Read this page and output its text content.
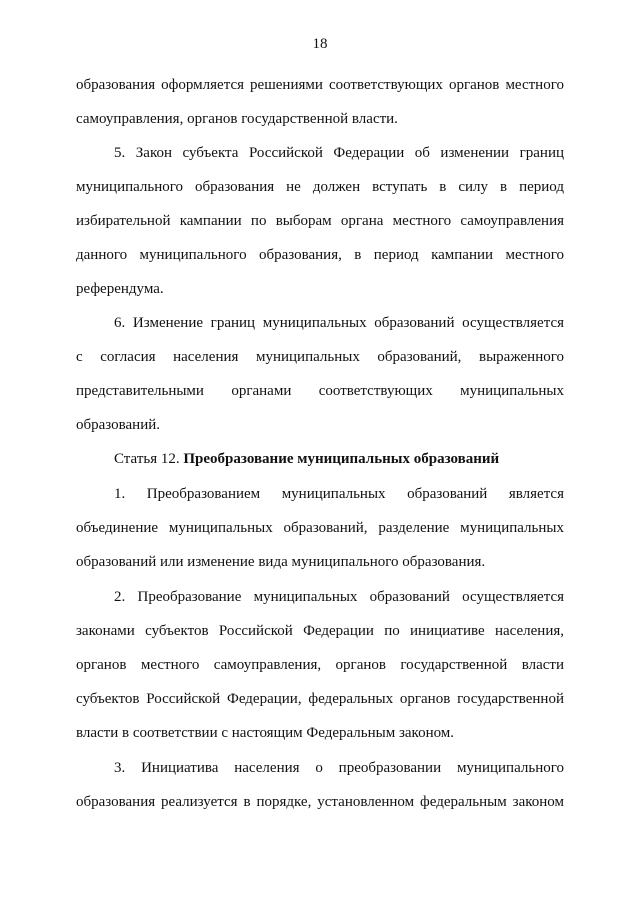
18
образования оформляется решениями соответствующих органов местного
самоуправления, органов государственной власти.
5. Закон субъекта Российской Федерации об изменении границ
муниципального образования не должен вступать в силу в период
избирательной кампании по выборам органа местного самоуправления
данного муниципального образования, в период кампании местного
референдума.
6. Изменение границ муниципальных образований осуществляется
с согласия населения муниципальных образований, выраженного
представительными органами соответствующих муниципальных
образований.
Статья 12. Преобразование муниципальных образований
1. Преобразованием муниципальных образований является
объединение муниципальных образований, разделение муниципальных
образований или изменение вида муниципального образования.
2. Преобразование муниципальных образований осуществляется
законами субъектов Российской Федерации по инициативе населения,
органов местного самоуправления, органов государственной власти
субъектов Российской Федерации, федеральных органов государственной
власти в соответствии с настоящим Федеральным законом.
3. Инициатива населения о преобразовании муниципального
образования реализуется в порядке, установленном федеральным законом
